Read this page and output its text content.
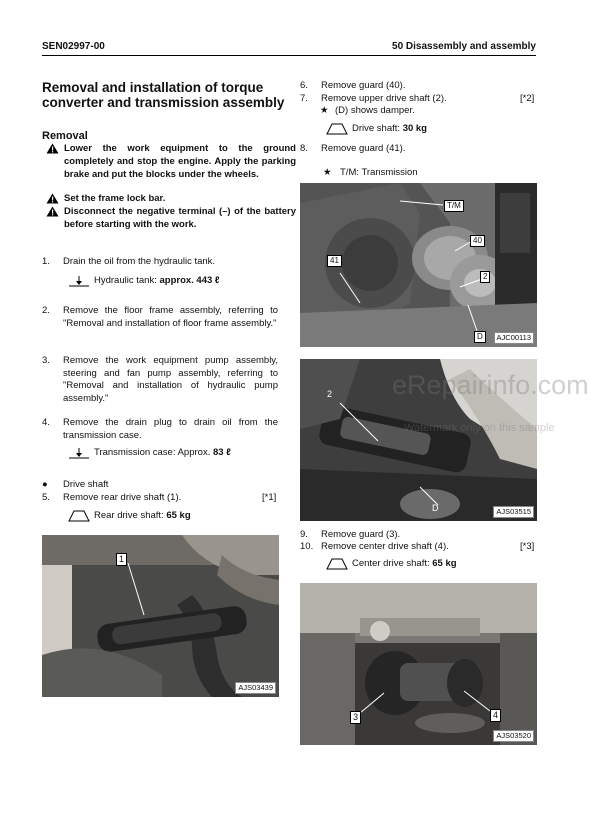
SEN02997-00	50 Disassembly and assembly
Removal and installation of torque converter and transmission assembly
Removal
Lower the work equipment to the ground completely and stop the engine. Apply the parking brake and put the blocks under the wheels.
Set the frame lock bar.
Disconnect the negative terminal (–) of the battery before starting with the work.
1. Drain the oil from the hydraulic tank.
Hydraulic tank: approx. 443 ℓ
2. Remove the floor frame assembly, referring to "Removal and installation of floor frame assembly."
3. Remove the work equipment pump assembly, steering and fan pump assembly, referring to "Removal and installation of hydraulic pump assembly."
4. Remove the drain plug to drain oil from the transmission case.
Transmission case: Approx. 83 ℓ
● Drive shaft
5. Remove rear drive shaft (1).	[*1]
Rear drive shaft: 65 kg
1
AJS03439
6. Remove guard (40).
7. Remove upper drive shaft (2).	[*2]
★ (D) shows damper.
Drive shaft: 30 kg
8. Remove guard (41).
★ T/M: Transmission
T/M
40
41
2
D	AJC00113
2
D	AJS03515
9. Remove guard (3).
10. Remove center drive shaft (4).	[*3]
Center drive shaft: 65 kg
3	4
AJS03520
eRepairinfo.com
Watermark only on this sample
